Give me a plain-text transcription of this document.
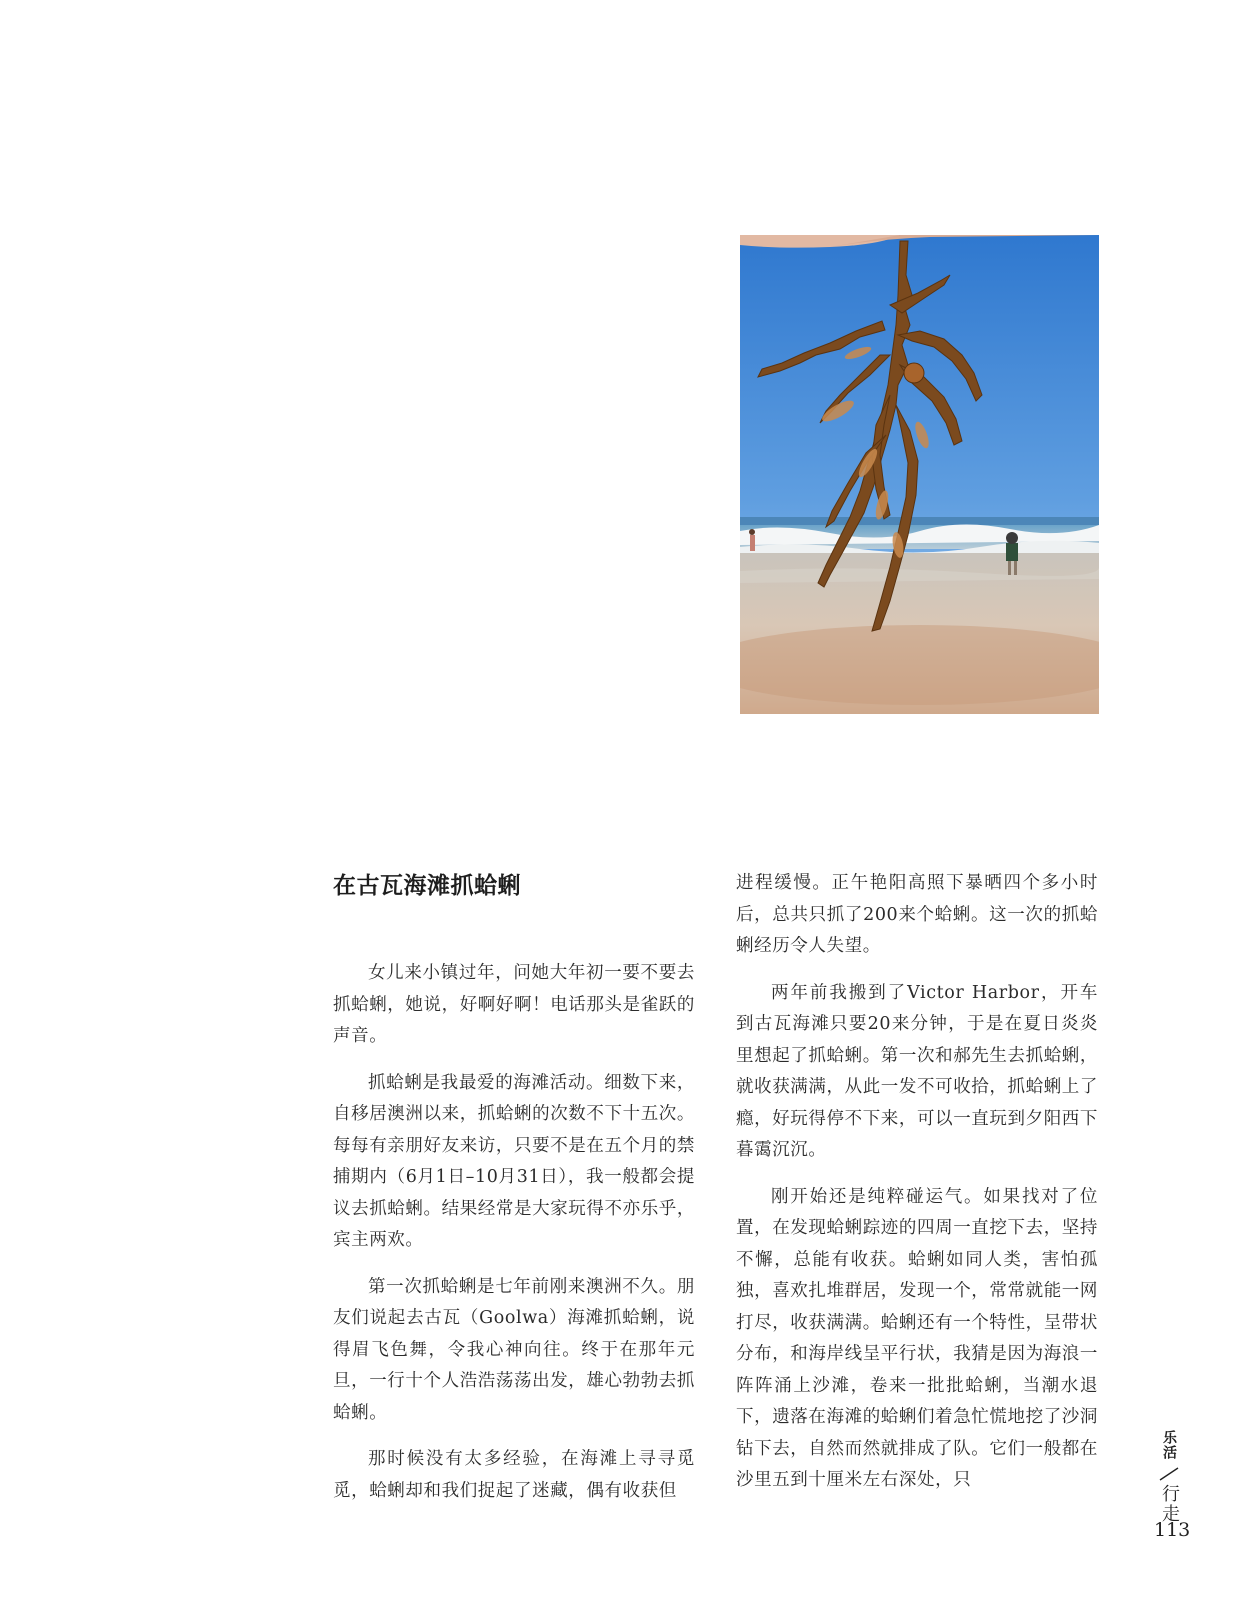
在古瓦海滩抓蛤蜊

女儿来小镇过年，问她大年初一要不要去抓蛤蜊，她说，好啊好啊！电话那头是雀跃的声音。

抓蛤蜊是我最爱的海滩活动。细数下来，自移居澳洲以来，抓蛤蜊的次数不下十五次。每每有亲朋好友来访，只要不是在五个月的禁捕期内（6月1日–10月31日），我一般都会提议去抓蛤蜊。结果经常是大家玩得不亦乐乎，宾主两欢。

第一次抓蛤蜊是七年前刚来澳洲不久。朋友们说起去古瓦（Goolwa）海滩抓蛤蜊，说得眉飞色舞，令我心神向往。终于在那年元旦，一行十个人浩浩荡荡出发，雄心勃勃去抓蛤蜊。

那时候没有太多经验，在海滩上寻寻觅觅，蛤蜊却和我们捉起了迷藏，偶有收获但

进程缓慢。正午艳阳高照下暴晒四个多小时后，总共只抓了200来个蛤蜊。这一次的抓蛤蜊经历令人失望。

两年前我搬到了Victor Harbor，开车到古瓦海滩只要20来分钟，于是在夏日炎炎里想起了抓蛤蜊。第一次和郝先生去抓蛤蜊，就收获满满，从此一发不可收拾，抓蛤蜊上了瘾，好玩得停不下来，可以一直玩到夕阳西下暮霭沉沉。

刚开始还是纯粹碰运气。如果找对了位置，在发现蛤蜊踪迹的四周一直挖下去，坚持不懈，总能有收获。蛤蜊如同人类，害怕孤独，喜欢扎堆群居，发现一个，常常就能一网打尽，收获满满。蛤蜊还有一个特性，呈带状分布，和海岸线呈平行状，我猜是因为海浪一阵阵涌上沙滩，卷来一批批蛤蜊，当潮水退下，遗落在海滩的蛤蜊们着急忙慌地挖了沙洞钻下去，自然而然就排成了队。它们一般都在沙里五到十厘米左右深处，只

乐活
行走
113
